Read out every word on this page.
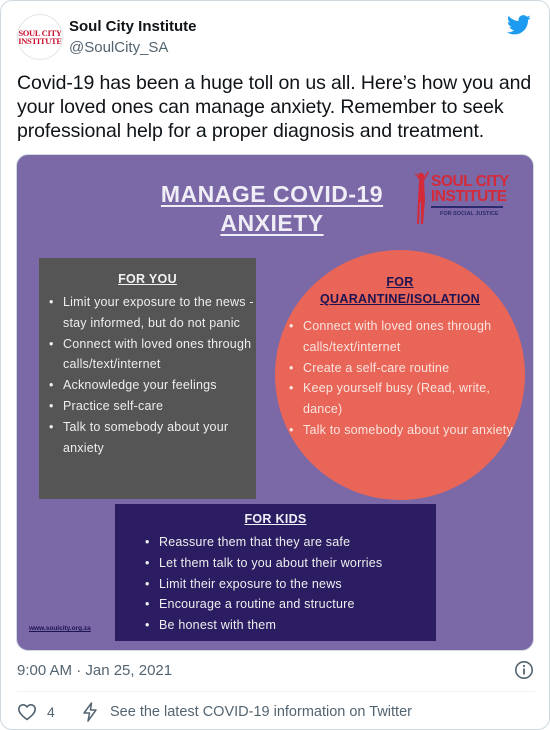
SOUL CITY
INSTITUTE
Soul City Institute
@SoulCity_SA
Covid-19 has been a huge toll on us all. Here’s how you and your loved ones can manage anxiety. Remember to seek professional help for a proper diagnosis and treatment.
MANAGE COVID-19
ANXIETY
SOUL CITY
INSTITUTE
FOR SOCIAL JUSTICE
FOR YOU
• Limit your exposure to the news - stay informed, but do not panic
• Connect with loved ones through calls/text/internet
• Acknowledge your feelings
• Practice self-care
• Talk to somebody about your anxiety
FOR
QUARANTINE/ISOLATION
• Connect with loved ones through calls/text/internet
• Create a self-care routine
• Keep yourself busy (Read, write, dance)
• Talk to somebody about your anxiety
FOR KIDS
• Reassure them that they are safe
• Let them talk to you about their worries
• Limit their exposure to the news
• Encourage a routine and structure
• Be honest with them
www.soulcity.org.za
9:00 AM · Jan 25, 2021
4	See the latest COVID-19 information on Twitter
